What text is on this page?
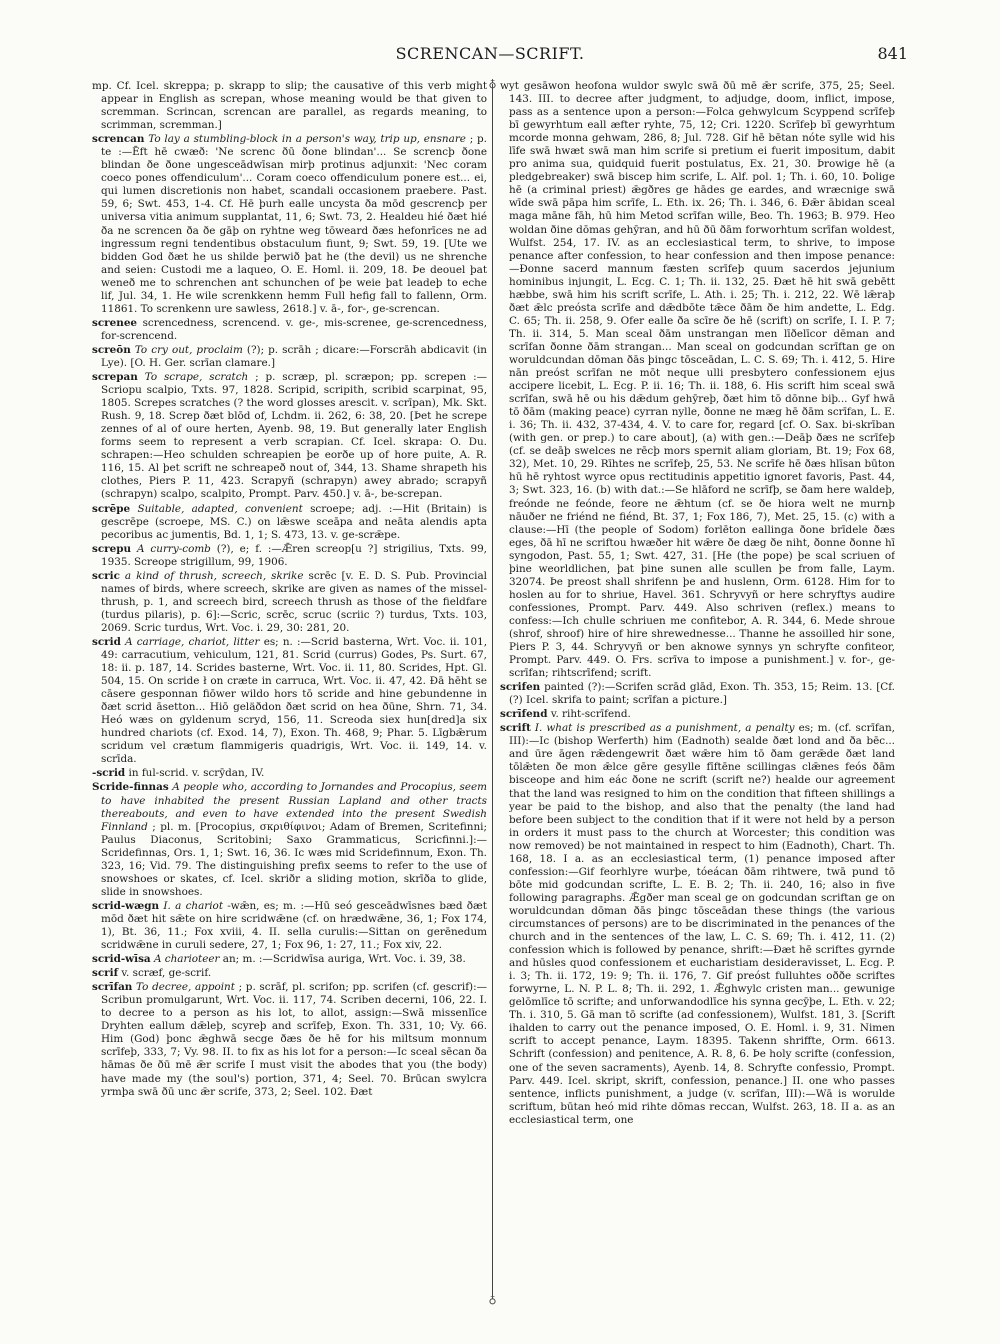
SCRENCAN—SCRIFT.	841
♁
♁

mp. Cf. Icel. skreppa; p. skrapp to slip; the causative of this verb might appear in English as screpan, whose meaning would be that given to scremman. Scrincan, screncan are parallel, as regards meaning, to scrimman, scremman.]

screncan To lay a stumbling-block in a person's way, trip up, ensnare ; p. te :—Ēft hē cwæð: 'Ne screnc ðū ðone blindan'... Se screncþ ðone blindan ðe ðone ungesceādwīsan mirþ protinus adjunxit: 'Nec coram coeco pones offendiculum'... Coram coeco offendiculum ponere est... ei, qui lumen discretionis non habet, scandali occasionem praebere. Past. 59, 6; Swt. 453, 1-4. Cf. Hē þurh ealle uncysta ða mōd gescrencþ per universa vitia animum supplantat, 11, 6; Swt. 73, 2. Healdeu hié ðæt hié ða ne screncen ða ðe gāþ on ryhtne weg tōweard ðæs hefonrīces ne ad ingressum regni tendentibus obstaculum fiunt, 9; Swt. 59, 19. [Ute we bidden God ðæt he us shilde þerwið þat he (the devil) us ne shrenche and seien: Custodi me a laqueo, O. E. Homl. ii. 209, 18. Þe deouel þat weneð me to schrenchen ant schunchen of þe weie þat leadeþ to eche lif, Jul. 34, 1. He wile screnkkenn hemm Full hefig fall to fallenn, Orm. 11861. To screnkenn ure sawless, 2618.] v. ā-, for-, ge-screncan.

screnee screncedness, screncend. v. ge-, mis-screnee, ge-screncedness, for-screncend.

screōn To cry out, proclaim (?); p. scrāh ; dicare:—Forscrāh abdicavit (in Lye). [O. H. Ger. scrīan clamare.]

screpan To scrape, scratch ; p. scræp, pl. scræpon; pp. screpen :—Scriopu scalpio, Txts. 97, 1828. Scripid, scripith, scribid scarpinat, 95, 1805. Screpes scratches (? the word glosses arescit. v. scrīpan), Mk. Skt. Rush. 9, 18. Screp ðæt blōd of, Lchdm. ii. 262, 6: 38, 20. [Þet he screpe zennes of al of oure herten, Ayenb. 98, 19. But generally later English forms seem to represent a verb scrapian. Cf. Icel. skrapa: O. Du. schrapen:—Heo schulden schreapien þe eorðe up of hore puite, A. R. 116, 15. Al þet scrift ne schreapeð nout of, 344, 13. Shame shrapeth his clothes, Piers P. 11, 423. Scrapyñ (schrapyn) awey abrado; scrapyñ (schrapyn) scalpo, scalpito, Prompt. Parv. 450.] v. ā-, be-screpan.

scrēpe Suitable, adapted, convenient scroepe; adj. :—Hit (Britain) is gescrēpe (scroepe, MS. C.) on lǣswe sceāpa and neāta alendis apta pecoribus ac jumentis, Bd. 1, 1; S. 473, 13. v. ge-scrǣpe.

screpu A curry-comb (?), e; f. :—Ǣren screop[u ?] strigilius, Txts. 99, 1935. Screope strigillum, 99, 1906.

scric a kind of thrush, screech, skrike scrēc [v. E. D. S. Pub. Provincial names of birds, where screech, skrike are given as names of the missel-thrush, p. 1, and screech bird, screech thrush as those of the fieldfare (turdus pilaris), p. 6]:—Scric, scrēc, scruc (scriic ?) turdus, Txts. 103, 2069. Scric turdus, Wrt. Voc. i. 29, 30: 281, 20.

scrid A carriage, chariot, litter es; n. :—Scrid basterna, Wrt. Voc. ii. 101, 49: carracutium, vehiculum, 121, 81. Scrid (currus) Godes, Ps. Surt. 67, 18: ii. p. 187, 14. Scrides basterne, Wrt. Voc. ii. 11, 80. Scrides, Hpt. Gl. 504, 15. On scride ł on cræte in carruca, Wrt. Voc. ii. 47, 42. Ðā hēht se cāsere gesponnan fiōwer wildo hors tō scride and hine gebundenne in ðæt scrid āsetton... Hiō geläðdon ðæt scrid on hea ðūne, Shrn. 71, 34. Heó wæs on gyldenum scryd, 156, 11. Screoda siex hun[dred]a six hundred chariots (cf. Exod. 14, 7), Exon. Th. 468, 9; Phar. 5. Līgbǣrum scridum vel crætum flammigeris quadrigis, Wrt. Voc. ii. 149, 14. v. scrīda.

-scrid in ful-scrid. v. scrȳdan, IV.

Scride-finnas A people who, according to Jornandes and Procopius, seem to have inhabited the present Russian Lapland and other tracts thereabouts, and even to have extended into the present Swedish Finnland ; pl. m. [Procopius, σκριθίφινοι; Adam of Bremen, Scritefinni; Paulus Diaconus, Scritobini; Saxo Grammaticus, Scricfinni.]:—Scridefinnas, Ors. 1, 1; Swt. 16, 36. Ic wæs mid Scridefinnum, Exon. Th. 323, 16; Vid. 79. The distinguishing prefix seems to refer to the use of snowshoes or skates, cf. Icel. skriðr a sliding motion, skrīða to glide, slide in snowshoes.

scrid-wægn I. a chariot -wǣn, es; m. :—Hū seó gesceādwīsnes bæd ðæt mōd ðæt hit sǣte on hire scridwǣne (cf. on hrædwǣne, 36, 1; Fox 174, 1), Bt. 36, 11.; Fox xviii, 4. II. sella curulis:—Sittan on gerēnedum scridwǣne in curuli sedere, 27, 1; Fox 96, 1: 27, 11.; Fox xiv, 22.

scrid-wīsa A charioteer an; m. :—Scridwīsa auriga, Wrt. Voc. i. 39, 38.

scrif v. scræf, ge-scrif.

scrīfan To decree, appoint ; p. scrāf, pl. scrifon; pp. scrifen (cf. gescrif):—Scribun promulgarunt, Wrt. Voc. ii. 117, 74. Scriben decerni, 106, 22. I. to decree to a person as his lot, to allot, assign:—Swā missenlīce Dryhten eallum dǣleþ, scyreþ and scrīfeþ, Exon. Th. 331, 10; Vy. 66. Him (God) þonc ǣghwā secge ðæs ðe hē for his miltsum monnum scrīfeþ, 333, 7; Vy. 98. II. to fix as his lot for a person:—Ic sceal sēcan ða hāmas ðe ðū mē ǣr scrife I must visit the abodes that you (the body) have made my (the soul's) portion, 371, 4; Seel. 70. Brūcan swylcra yrmþa swā ðū unc ǣr scrife, 373, 2; Seel. 102. Ðæt

wyt gesāwon heofona wuldor swylc swā ðū mē ǣr scrife, 375, 25; Seel. 143. III. to decree after judgment, to adjudge, doom, inflict, impose, pass as a sentence upon a person:—Folca gehwylcum Scyppend scrīfeþ bī gewyrhtum eall æfter ryhte, 75, 12; Cri. 1220. Scrīfeþ bī gewyrhtum mcorde monna gehwam, 286, 8; Jul. 728. Gif hē bētan nóte sylle wid his līfe swā hwæt swā man him scrife si pretium ei fuerit impositum, dabit pro anima sua, quidquid fuerit postulatus, Ex. 21, 30. Þrowige hē (a pledgebreaker) swā biscep him scrife, L. Alf. pol. 1; Th. i. 60, 10. Þolige hē (a criminal priest) ǣgðres ge hādes ge eardes, and wræcnige swā wīde swā pāpa him scrīfe, L. Eth. ix. 26; Th. i. 346, 6. Ðǣr ābidan sceal maga māne fāh, hū him Metod scrīfan wille, Beo. Th. 1963; B. 979. Heo woldan ðine dōmas gehȳran, and hū ðū ðām forworhtum scrīfan woldest, Wulfst. 254, 17. IV. as an ecclesiastical term, to shrive, to impose penance after confession, to hear confession and then impose penance:—Ðonne sacerd mannum fæsten scrīfeþ quum sacerdos jejunium hominibus injungit, L. Ecg. C. 1; Th. ii. 132, 25. Ðæt hē hit swā gebētt hæbbe, swā him his scrift scrīfe, L. Ath. i. 25; Th. i. 212, 22. Wē lǣraþ ðæt ǣlc preósta scrīfe and dǣdbōte tǣce ðām ðe him andette, L. Edg. C. 65; Th. ii. 258, 9. Ofer ealle ða scīre ðe hē (scrift) on scrīfe, I. I. P. 7; Th. ii. 314, 5. Man sceal ðām unstrangan men līðelīcor dēman and scrīfan ðonne ðām strangan... Man sceal on godcundan scrīftan ge on woruldcundan dōman ðās þingc tōsceādan, L. C. S. 69; Th. i. 412, 5. Hire nān preóst scrīfan ne mōt neque ulli presbytero confessionem ejus accipere licebit, L. Ecg. P. ii. 16; Th. ii. 188, 6. His scrift him sceal swā scrīfan, swā hē ou his dǣdum gehȳreþ, ðæt him tō dōnne biþ... Gyf hwā tō ðām (making peace) cyrran nylle, ðonne ne mæg hē ðām scrīfan, L. E. i. 36; Th. ii. 432, 37-434, 4. V. to care for, regard [cf. O. Sax. bi-skrīban (with gen. or prep.) to care about], (a) with gen.:—Deāþ ðæs ne scrīfeþ (cf. se deāþ swelces ne rēcþ mors spernit aliam gloriam, Bt. 19; Fox 68, 32), Met. 10, 29. Rīhtes ne scrīfeþ, 25, 53. Ne scrīfe hē ðæs hlīsan būton hū hē ryhtost wyrce opus rectitudinis appetitio ignoret favoris, Past. 44, 3; Swt. 323, 16. (b) with dat.:—Se hlāford ne scrīfþ, se ðam here waldeþ, freónde ne feónde, feore ne ǣhtum (cf. se ðe hiora welt ne murnþ nāuðer ne friénd ne fiénd, Bt. 37, 1; Fox 186, 7), Met. 25, 15. (c) with a clause:—Hī (the people of Sodom) forlēton eallinga ðone brīdele ðæs eges, ðā hī ne scriftou hwæðer hit wǣre ðe dæg ðe niht, ðonne ðonne hī syngodon, Past. 55, 1; Swt. 427, 31. [He (the pope) þe scal scriuen of þine weorldlichen, þat þine sunen alle scullen þe from falle, Laym. 32074. Þe preost shall shrifenn þe and huslenn, Orm. 6128. Him for to hoslen au for to shriue, Havel. 361. Schryvyñ or here schryftys audire confessiones, Prompt. Parv. 449. Also schriven (reflex.) means to confess:—Ich chulle schriuen me confitebor, A. R. 344, 6. Mede shroue (shrof, shroof) hire of hire shrewednesse... Thanne he assoilled hir sone, Piers P. 3, 44. Schryvyñ or ben aknowe synnys yn schryfte confiteor, Prompt. Parv. 449. O. Frs. scrīva to impose a punishment.] v. for-, ge-scrīfan; rihtscrīfend; scrift.

scrifen painted (?):—Scrifen scrād glād, Exon. Th. 353, 15; Reim. 13. [Cf. (?) Icel. skrifa to paint; scrīfan a picture.]

scrīfend v. riht-scrīfend.

scrift I. what is prescribed as a punishment, a penalty es; m. (cf. scrīfan, III):—Ic (bishop Werferth) him (Eadnoth) sealde ðæt lond and ða bēc... and ūre āgen rǣdengewrit ðæt wǣre him tō ðam gerǣde ðæt land tōlǣten ðe mon ǣlce gēre gesylle fīftēne scillingas clǣnes feós ðām bisceope and him eác ðone ne scrift (scrift ne?) healde our agreement that the land was resigned to him on the condition that fifteen shillings a year be paid to the bishop, and also that the penalty (the land had before been subject to the condition that if it were not held by a person in orders it must pass to the church at Worcester; this condition was now removed) be not maintained in respect to him (Eadnoth), Chart. Th. 168, 18. I a. as an ecclesiastical term, (1) penance imposed after confession:—Gif feorhlyre wurþe, tóeácan ðām rihtwere, twā pund tō bōte mid godcundan scrifte, L. E. B. 2; Th. ii. 240, 16; also in five following paragraphs. Ǣgðer man sceal ge on godcundan scriftan ge on woruldcundan dōman ðās þingc tōsceādan these things (the various circumstances of persons) are to be discriminated in the penances of the church and in the sentences of the law, L. C. S. 69; Th. i. 412, 11. (2) confession which is followed by penance, shrift:—Ðæt hē scriftes gyrnde and hūsles quod confessionem et eucharistiam desideravisset, L. Ecg. P. i. 3; Th. ii. 172, 19: 9; Th. ii. 176, 7. Gif preóst fulluhtes oððe scriftes forwyrne, L. N. P. L. 8; Th. ii. 292, 1. Ǣghwylc cristen man... gewunige gelōmlīce tō scrifte; and unforwandodlīce his synna gecȳþe, L. Eth. v. 22; Th. i. 310, 5. Gā man tō scrifte (ad confessionem), Wulfst. 181, 3. [Scrift ihalden to carry out the penance imposed, O. E. Homl. i. 9, 31. Nimen scrift to accept penance, Laym. 18395. Takenn shriffte, Orm. 6613. Schrift (confession) and penitence, A. R. 8, 6. Þe holy scrifte (confession, one of the seven sacraments), Ayenb. 14, 8. Schryfte confessio, Prompt. Parv. 449. Icel. skript, skrift, confession, penance.] II. one who passes sentence, inflicts punishment, a judge (v. scrīfan, III):—Wā is woruldе scriftum, būtan heó mid rihte dōmas reccan, Wulfst. 263, 18. II a. as an ecclesiastical term, one
